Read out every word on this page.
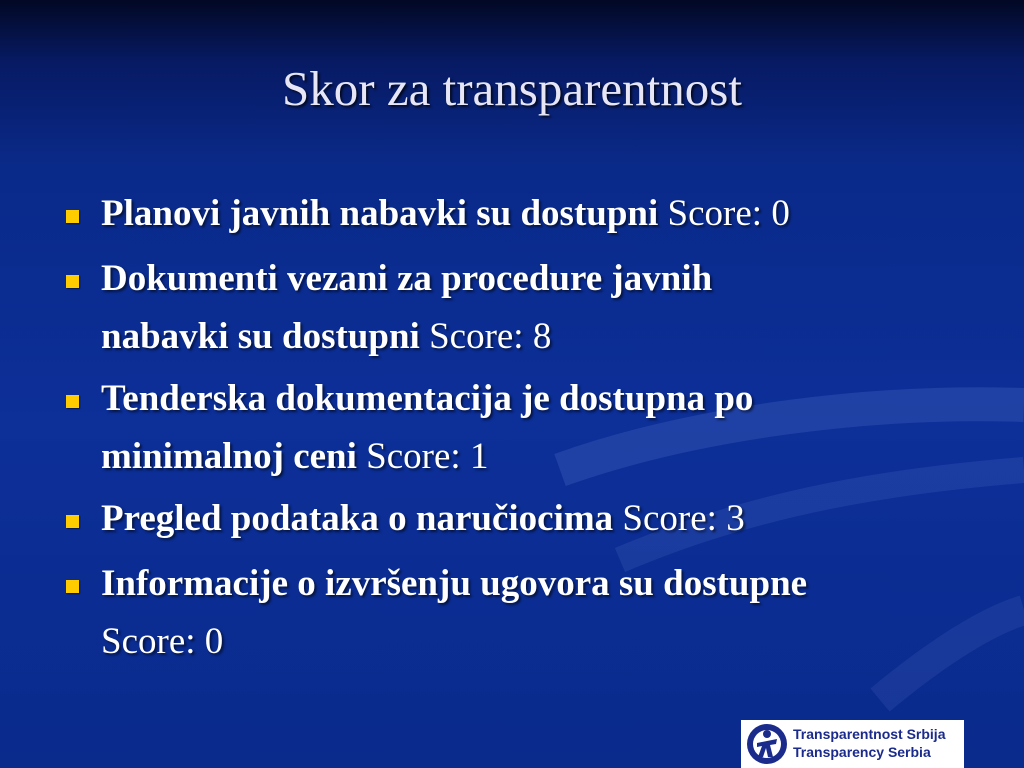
Skor za transparentnost
Planovi javnih nabavki su dostupni Score: 0
Dokumenti vezani za procedure javnih
nabavki su dostupni Score: 8
Tenderska dokumentacija je dostupna po
minimalnoj ceni Score: 1
Pregled podataka o naručiocima Score: 3
Informacije o izvršenju ugovora su dostupne
Score: 0
Transparentnost Srbija
Transparency Serbia
